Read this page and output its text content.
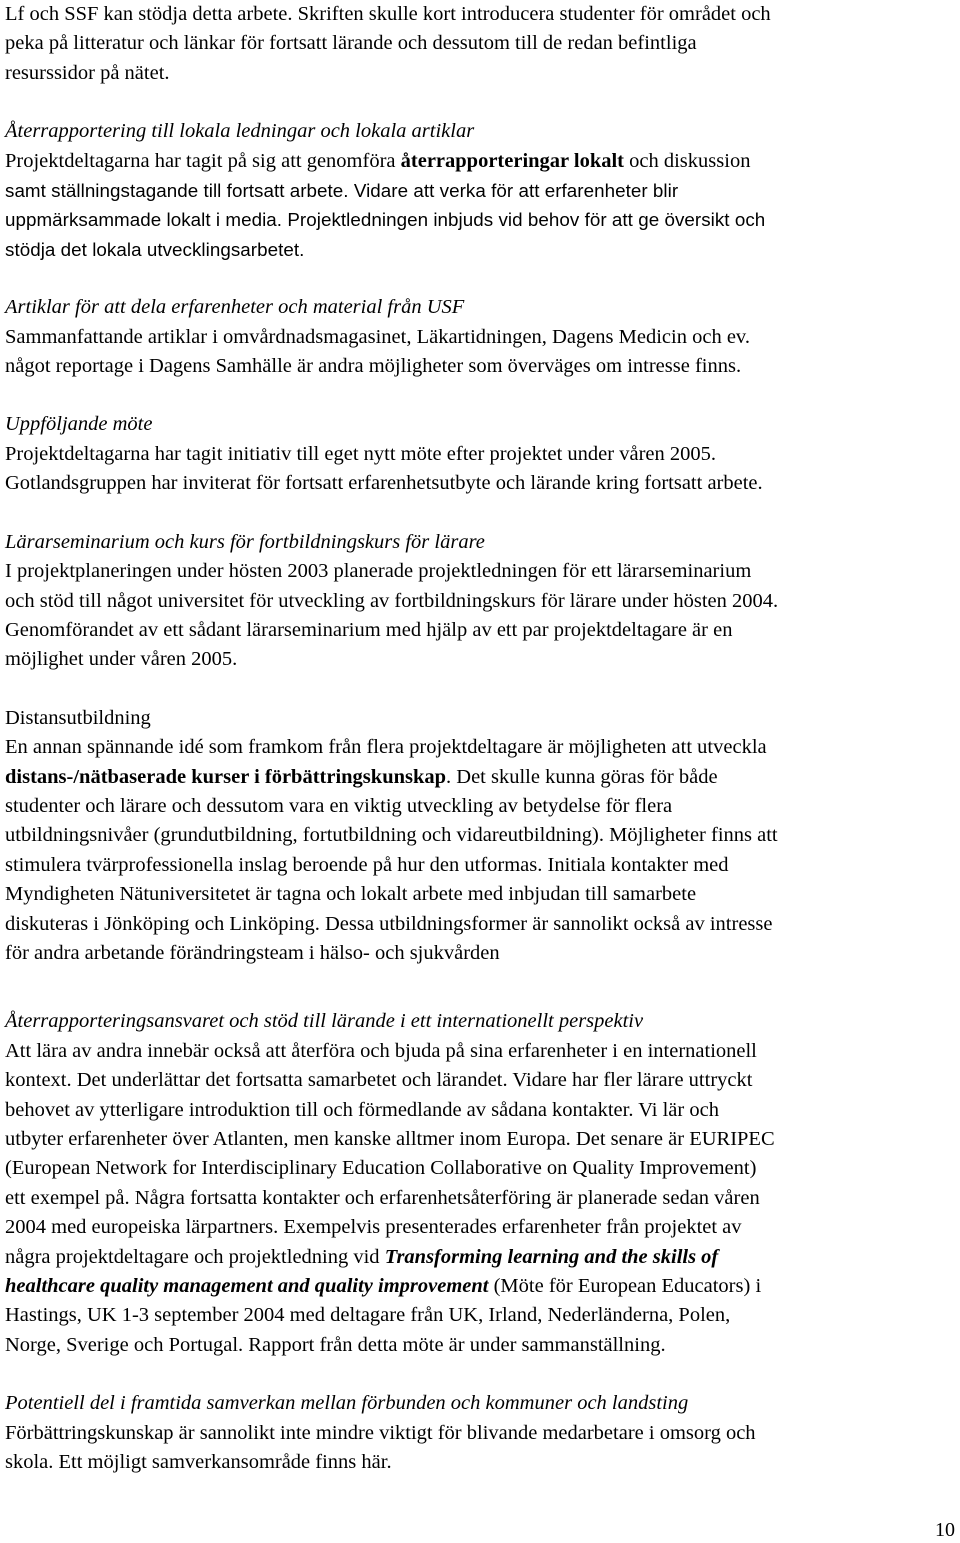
Lf och SSF kan stödja detta arbete. Skriften skulle kort introducera studenter för området och

peka på litteratur och länkar för fortsatt lärande och dessutom till de redan befintliga

resurssidor på nätet.

Återrapportering till lokala ledningar och lokala artiklar

Projektdeltagarna har tagit på sig att genomföra återrapporteringar lokalt och diskussion

samt ställningstagande till fortsatt arbete. Vidare att verka för att erfarenheter blir

uppmärksammade lokalt i media. Projektledningen inbjuds vid behov för att ge översikt och

stödja det lokala utvecklingsarbetet.

Artiklar för att dela erfarenheter och material från USF

Sammanfattande artiklar i omvårdnadsmagasinet, Läkartidningen, Dagens Medicin och ev.

något reportage i Dagens Samhälle är andra möjligheter som överväges om intresse finns.

Uppföljande möte

Projektdeltagarna har tagit initiativ till eget nytt möte efter projektet under våren 2005.

Gotlandsgruppen har inviterat för fortsatt erfarenhetsutbyte och lärande kring fortsatt arbete.

Lärarseminarium och kurs för fortbildningskurs för lärare

I projektplaneringen under hösten 2003 planerade projektledningen för ett lärarseminarium

och stöd till något universitet för utveckling av fortbildningskurs för lärare under hösten 2004.

Genomförandet av ett sådant lärarseminarium med hjälp av ett par projektdeltagare är en

möjlighet under våren 2005.

Distansutbildning

En annan spännande idé som framkom från flera projektdeltagare är möjligheten att utveckla

distans-/nätbaserade kurser i förbättringskunskap. Det skulle kunna göras för både

studenter och lärare och dessutom vara en viktig utveckling av betydelse för flera

utbildningsnivåer (grundutbildning, fortutbildning och vidareutbildning). Möjligheter finns att

stimulera tvärprofessionella inslag beroende på hur den utformas. Initiala kontakter med

Myndigheten Nätuniversitetet är tagna och lokalt arbete med inbjudan till samarbete

diskuteras i Jönköping och Linköping. Dessa utbildningsformer är sannolikt också av intresse

för andra arbetande förändringsteam i hälso- och sjukvården

Återrapporteringsansvaret och stöd till lärande i ett internationellt perspektiv

Att lära av andra innebär också att återföra och bjuda på sina erfarenheter i en internationell

kontext. Det underlättar det fortsatta samarbetet och lärandet. Vidare har fler lärare uttryckt

behovet av ytterligare introduktion till och förmedlande av sådana kontakter. Vi lär och

utbyter erfarenheter över Atlanten, men kanske alltmer inom Europa. Det senare är EURIPEC

(European Network for Interdisciplinary Education Collaborative on Quality Improvement)

ett exempel på. Några fortsatta kontakter och erfarenhetsåterföring är planerade sedan våren

2004 med europeiska lärpartners. Exempelvis presenterades erfarenheter från projektet av

några projektdeltagare och projektledning vid Transforming learning and the skills of

healthcare quality management and quality improvement (Möte för European Educators) i

Hastings, UK 1-3 september 2004 med deltagare från UK, Irland, Nederländerna, Polen,

Norge, Sverige och Portugal. Rapport från detta möte är under sammanställning.

Potentiell del i framtida samverkan mellan förbunden och kommuner och landsting

Förbättringskunskap är sannolikt inte mindre viktigt för blivande medarbetare i omsorg och

skola. Ett möjligt samverkansområde finns här.

10
